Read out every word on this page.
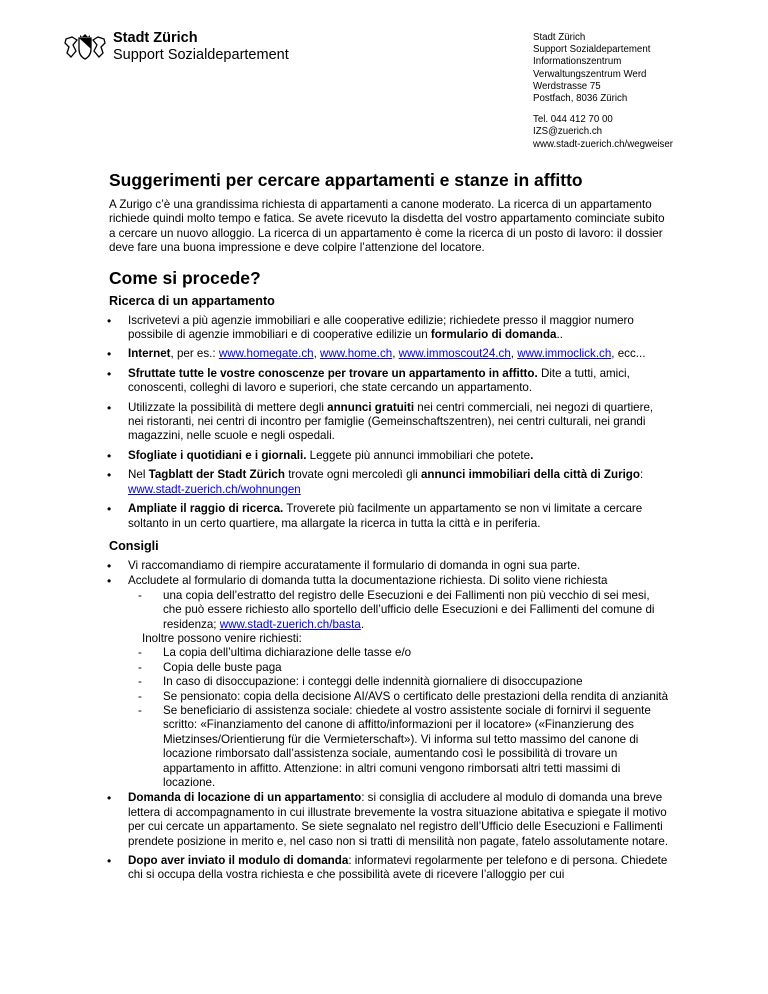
Stadt Zürich
Support Sozialdepartement
Stadt Zürich
Support Sozialdepartement
Informationszentrum
Verwaltungszentrum Werd
Werdstrasse 75
Postfach, 8036 Zürich
Tel. 044 412 70 00
IZS@zuerich.ch
www.stadt-zuerich.ch/wegweiser
Suggerimenti per cercare appartamenti e stanze in affitto

A Zurigo c’è una grandissima richiesta di appartamenti a canone moderato. La ricerca di un appartamento richiede quindi molto tempo e fatica. Se avete ricevuto la disdetta del vostro appartamento cominciate subito a cercare un nuovo alloggio. La ricerca di un appartamento è come la ricerca di un posto di lavoro: il dossier deve fare una buona impressione e deve colpire l’attenzione del locatore.

Come si procede?
Ricerca di un appartamento
• Iscrivetevi a più agenzie immobiliari e alle cooperative edilizie; richiedete presso il maggior numero possibile di agenzie immobiliari e di cooperative edilizie un formulario di domanda..
• Internet, per es.: www.homegate.ch, www.home.ch, www.immoscout24.ch, www.immoclick.ch, ecc...
• Sfruttate tutte le vostre conoscenze per trovare un appartamento in affitto. Dite a tutti, amici, conoscenti, colleghi di lavoro e superiori, che state cercando un appartamento.
• Utilizzate la possibilità di mettere degli annunci gratuiti nei centri commerciali, nei negozi di quartiere, nei ristoranti, nei centri di incontro per famiglie (Gemeinschaftszentren), nei centri culturali, nei grandi magazzini, nelle scuole e negli ospedali.
• Sfogliate i quotidiani e i giornali. Leggete più annunci immobiliari che potete.
• Nel Tagblatt der Stadt Zürich trovate ogni mercoledì gli annunci immobiliari della città di Zurigo: www.stadt-zuerich.ch/wohnungen
• Ampliate il raggio di ricerca. Troverete più facilmente un appartamento se non vi limitate a cercare soltanto in un certo quartiere, ma allargate la ricerca in tutta la città e in periferia.
Consigli
• Vi raccomandiamo di riempire accuratamente il formulario di domanda in ogni sua parte.
• Accludete al formulario di domanda tutta la documentazione richiesta. Di solito viene richiesta
- una copia dell’estratto del registro delle Esecuzioni e dei Fallimenti non più vecchio di sei mesi, che può essere richiesto allo sportello dell’ufficio delle Esecuzioni e dei Fallimenti del comune di residenza; www.stadt-zuerich.ch/basta.
Inoltre possono venire richiesti:
- La copia dell’ultima dichiarazione delle tasse e/o
- Copia delle buste paga
- In caso di disoccupazione: i conteggi delle indennità giornaliere di disoccupazione
- Se pensionato: copia della decisione AI/AVS o certificato delle prestazioni della rendita di anzianità
- Se beneficiario di assistenza sociale: chiedete al vostro assistente sociale di fornirvi il seguente scritto: «Finanziamento del canone di affitto/informazioni per il locatore» («Finanzierung des Mietzinses/Orientierung für die Vermieterschaft»). Vi informa sul tetto massimo del canone di locazione rimborsato dall’assistenza sociale, aumentando così le possibilità di trovare un appartamento in affitto. Attenzione: in altri comuni vengono rimborsati altri tetti massimi di locazione.
• Domanda di locazione di un appartamento: si consiglia di accludere al modulo di domanda una breve lettera di accompagnamento in cui illustrate brevemente la vostra situazione abitativa e spiegate il motivo per cui cercate un appartamento. Se siete segnalato nel registro dell’Ufficio delle Esecuzioni e Fallimenti prendete posizione in merito e, nel caso non si tratti di mensilità non pagate, fatelo assolutamente notare.
• Dopo aver inviato il modulo di domanda: informatevi regolarmente per telefono e di persona. Chiedete chi si occupa della vostra richiesta e che possibilità avete di ricevere l’alloggio per cui
